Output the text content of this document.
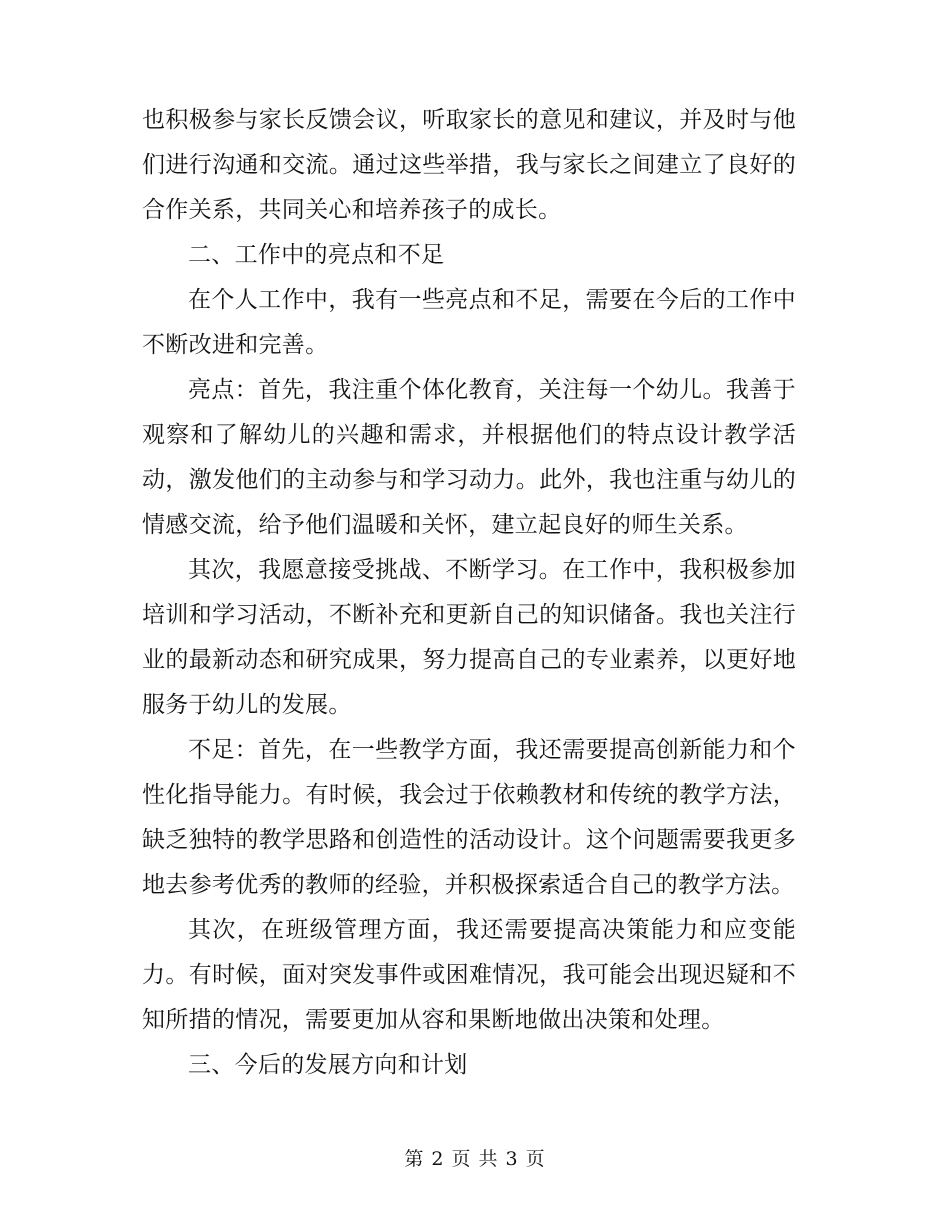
也积极参与家长反馈会议，听取家长的意见和建议，并及时与他们进行沟通和交流。通过这些举措，我与家长之间建立了良好的合作关系，共同关心和培养孩子的成长。

二、工作中的亮点和不足

在个人工作中，我有一些亮点和不足，需要在今后的工作中不断改进和完善。

亮点：首先，我注重个体化教育，关注每一个幼儿。我善于观察和了解幼儿的兴趣和需求，并根据他们的特点设计教学活动，激发他们的主动参与和学习动力。此外，我也注重与幼儿的情感交流，给予他们温暖和关怀，建立起良好的师生关系。

其次，我愿意接受挑战、不断学习。在工作中，我积极参加培训和学习活动，不断补充和更新自己的知识储备。我也关注行业的最新动态和研究成果，努力提高自己的专业素养，以更好地服务于幼儿的发展。

不足：首先，在一些教学方面，我还需要提高创新能力和个性化指导能力。有时候，我会过于依赖教材和传统的教学方法，缺乏独特的教学思路和创造性的活动设计。这个问题需要我更多地去参考优秀的教师的经验，并积极探索适合自己的教学方法。

其次，在班级管理方面，我还需要提高决策能力和应变能力。有时候，面对突发事件或困难情况，我可能会出现迟疑和不知所措的情况，需要更加从容和果断地做出决策和处理。

三、今后的发展方向和计划

第 2 页 共 3 页
